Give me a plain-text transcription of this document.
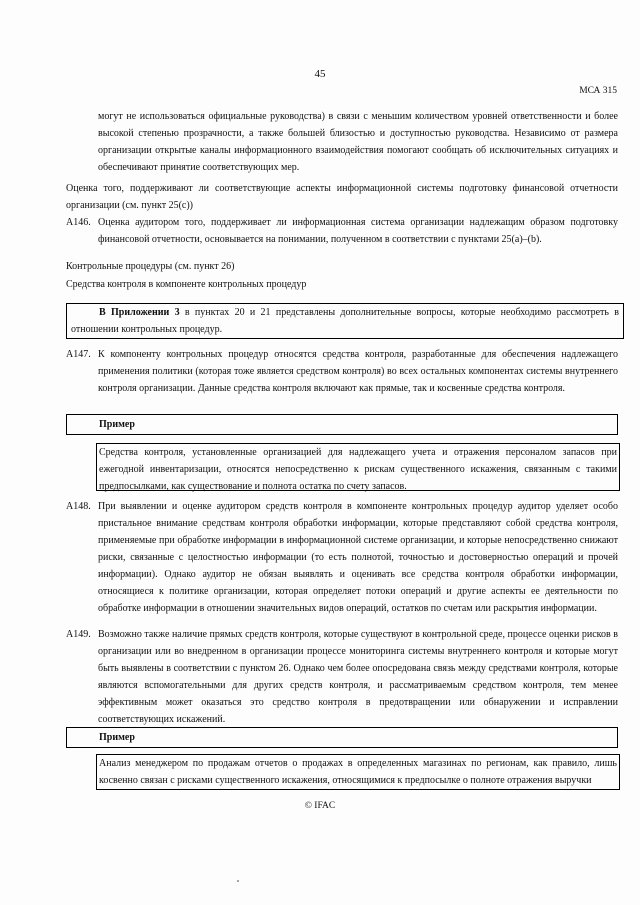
45
МСА 315

могут не использоваться официальные руководства) в связи с меньшим количеством уровней ответственности и более высокой степенью прозрачности, а также большей близостью и доступностью руководства. Независимо от размера организации открытые каналы информационного взаимодействия помогают сообщать об исключительных ситуациях и обеспечивают принятие соответствующих мер.

Оценка того, поддерживают ли соответствующие аспекты информационной системы подготовку финансовой отчетности организации (см. пункт 25(c))

A146. Оценка аудитором того, поддерживает ли информационная система организации надлежащим образом подготовку финансовой отчетности, основывается на понимании, полученном в соответствии с пунктами 25(a)–(b).

Контрольные процедуры (см. пункт 26)

Средства контроля в компоненте контрольных процедур

В Приложении 3 в пунктах 20 и 21 представлены дополнительные вопросы, которые необходимо рассмотреть в отношении контрольных процедур.

A147. К компоненту контрольных процедур относятся средства контроля, разработанные для обеспечения надлежащего применения политики (которая тоже является средством контроля) во всех остальных компонентах системы внутреннего контроля организации. Данные средства контроля включают как прямые, так и косвенные средства контроля.

Пример

Средства контроля, установленные организацией для надлежащего учета и отражения персоналом запасов при ежегодной инвентаризации, относятся непосредственно к рискам существенного искажения, связанным с такими предпосылками, как существование и полнота остатка по счету запасов.

A148. При выявлении и оценке аудитором средств контроля в компоненте контрольных процедур аудитор уделяет особо пристальное внимание средствам контроля обработки информации, которые представляют собой средства контроля, применяемые при обработке информации в информационной системе организации, и которые непосредственно снижают риски, связанные с целостностью информации (то есть полнотой, точностью и достоверностью операций и прочей информации). Однако аудитор не обязан выявлять и оценивать все средства контроля обработки информации, относящиеся к политике организации, которая определяет потоки операций и другие аспекты ее деятельности по обработке информации в отношении значительных видов операций, остатков по счетам или раскрытия информации.

A149. Возможно также наличие прямых средств контроля, которые существуют в контрольной среде, процессе оценки рисков в организации или во внедренном в организации процессе мониторинга системы внутреннего контроля и которые могут быть выявлены в соответствии с пунктом 26. Однако чем более опосредована связь между средствами контроля, которые являются вспомогательными для других средств контроля, и рассматриваемым средством контроля, тем менее эффективным может оказаться это средство контроля в предотвращении или обнаружении и исправлении соответствующих искажений.

Пример

Анализ менеджером по продажам отчетов о продажах в определенных магазинах по регионам, как правило, лишь косвенно связан с рисками существенного искажения, относящимися к предпосылке о полноте отражения выручки

© IFAC
